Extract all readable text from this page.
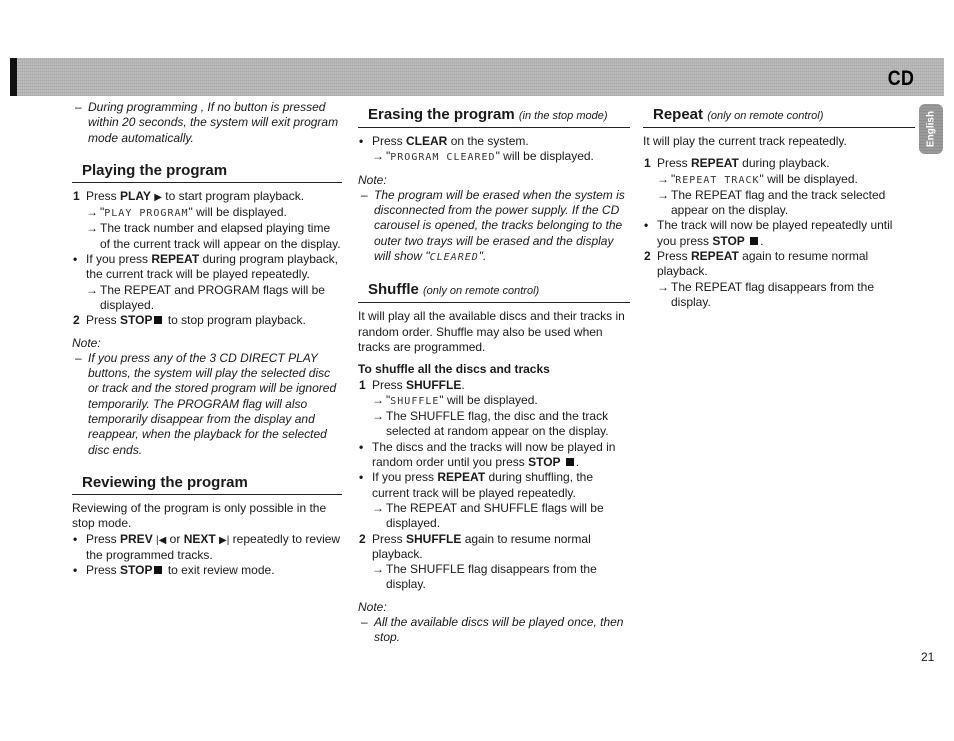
CD
English

– During programming , If no button is pressed within 20 seconds, the system will exit program mode automatically.

Playing the program

1 Press PLAY ▶ to start program playback.

→ "PLAY PROGRAM" will be displayed.

→ The track number and elapsed playing time of the current track will appear on the display.

• If you press REPEAT during program playback, the current track will be played repeatedly.

→ The REPEAT and PROGRAM flags will be displayed.

2 Press STOP to stop program playback.

Note:

– If you press any of the 3 CD DIRECT PLAY buttons, the system will play the selected disc or track and the stored program will be ignored temporarily. The PROGRAM flag will also temporarily disappear from the display and reappear, when the playback for the selected disc ends.

Reviewing the program

Reviewing of the program is only possible in the stop mode.

• Press PREV |◀ or NEXT ▶| repeatedly to review the programmed tracks.

• Press STOP to exit review mode.

Erasing the program (in the stop mode)

• Press CLEAR on the system.

→ "PROGRAM CLEARED" will be displayed.

Note:

– The program will be erased when the system is disconnected from the power supply. If the CD carousel is opened, the tracks belonging to the outer two trays will be erased and the display will show "CLEARED".

Shuffle (only on remote control)

It will play all the available discs and their tracks in random order. Shuffle may also be used when tracks are programmed.

To shuffle all the discs and tracks

1 Press SHUFFLE.

→ "SHUFFLE" will be displayed.

→ The SHUFFLE flag, the disc and the track selected at random appear on the display.

• The discs and the tracks will now be played in random order until you press STOP .

• If you press REPEAT during shuffling, the current track will be played repeatedly.

→ The REPEAT and SHUFFLE flags will be displayed.

2 Press SHUFFLE again to resume normal playback.

→ The SHUFFLE flag disappears from the display.

Note:

– All the available discs will be played once, then stop.

Repeat (only on remote control)

It will play the current track repeatedly.

1 Press REPEAT during playback.

→ "REPEAT TRACK" will be displayed.

→ The REPEAT flag and the track selected appear on the display.

• The track will now be played repeatedly until you press STOP .

2 Press REPEAT again to resume normal playback.

→ The REPEAT flag disappears from the display.

21
